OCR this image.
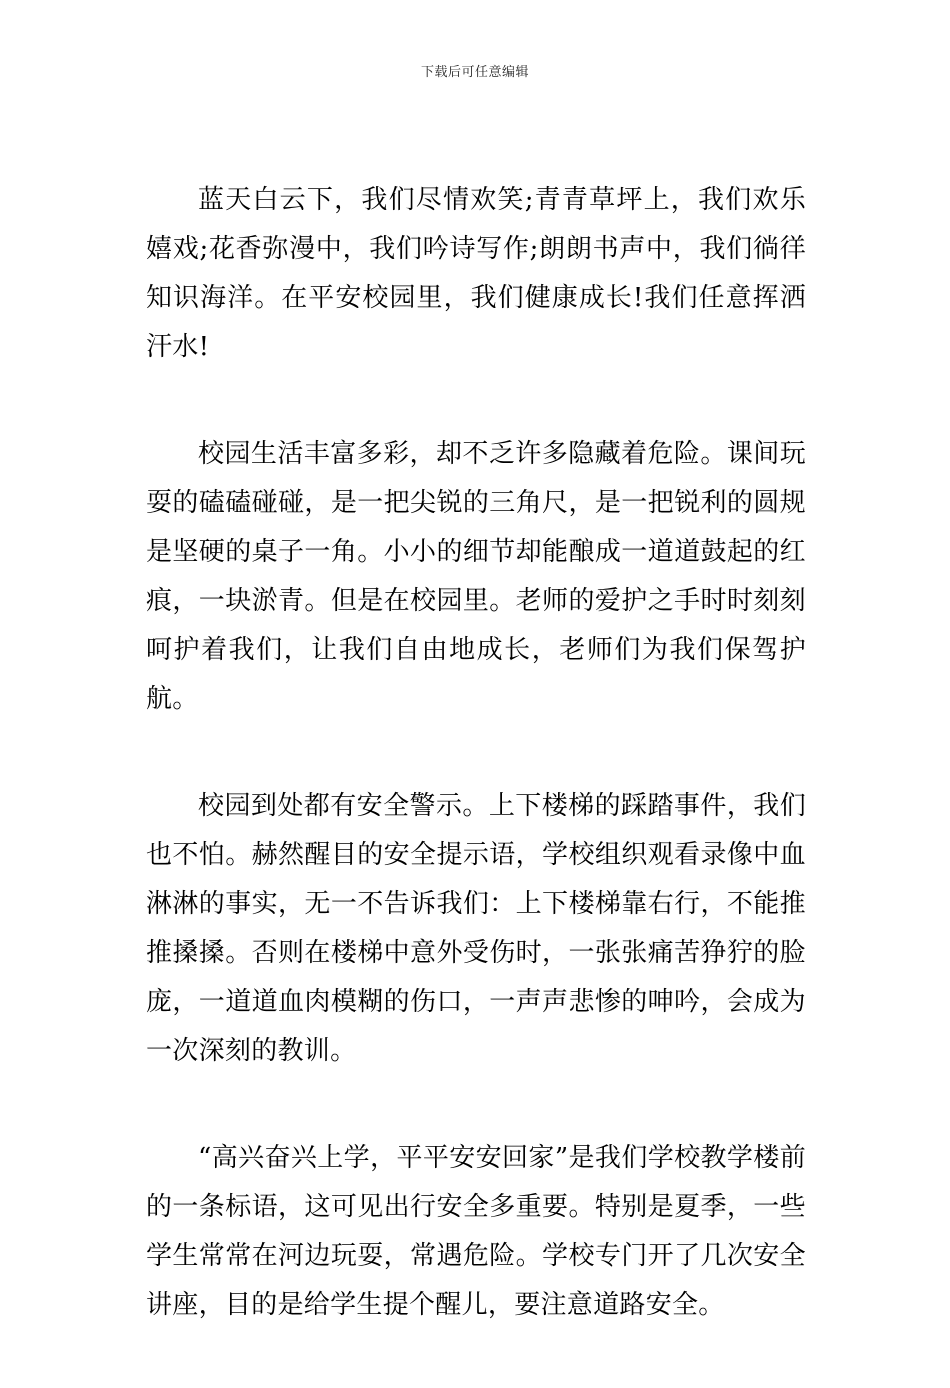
下载后可任意编辑

蓝天白云下，我们尽情欢笑;青青草坪上，我们欢乐嬉戏;花香弥漫中，我们吟诗写作;朗朗书声中，我们徜徉知识海洋。在平安校园里，我们健康成长!我们任意挥洒汗水!

校园生活丰富多彩，却不乏许多隐藏着危险。课间玩耍的磕磕碰碰，是一把尖锐的三角尺，是一把锐利的圆规是坚硬的桌子一角。小小的细节却能酿成一道道鼓起的红痕，一块淤青。但是在校园里。老师的爱护之手时时刻刻呵护着我们，让我们自由地成长，老师们为我们保驾护航。

校园到处都有安全警示。上下楼梯的踩踏事件，我们也不怕。赫然醒目的安全提示语，学校组织观看录像中血淋淋的事实，无一不告诉我们：上下楼梯靠右行，不能推推搡搡。否则在楼梯中意外受伤时，一张张痛苦狰狞的脸庞，一道道血肉模糊的伤口，一声声悲惨的呻吟，会成为一次深刻的教训。

“高兴奋兴上学，平平安安回家”是我们学校教学楼前的一条标语，这可见出行安全多重要。特别是夏季，一些学生常常在河边玩耍，常遇危险。学校专门开了几次安全讲座，目的是给学生提个醒儿，要注意道路安全。
